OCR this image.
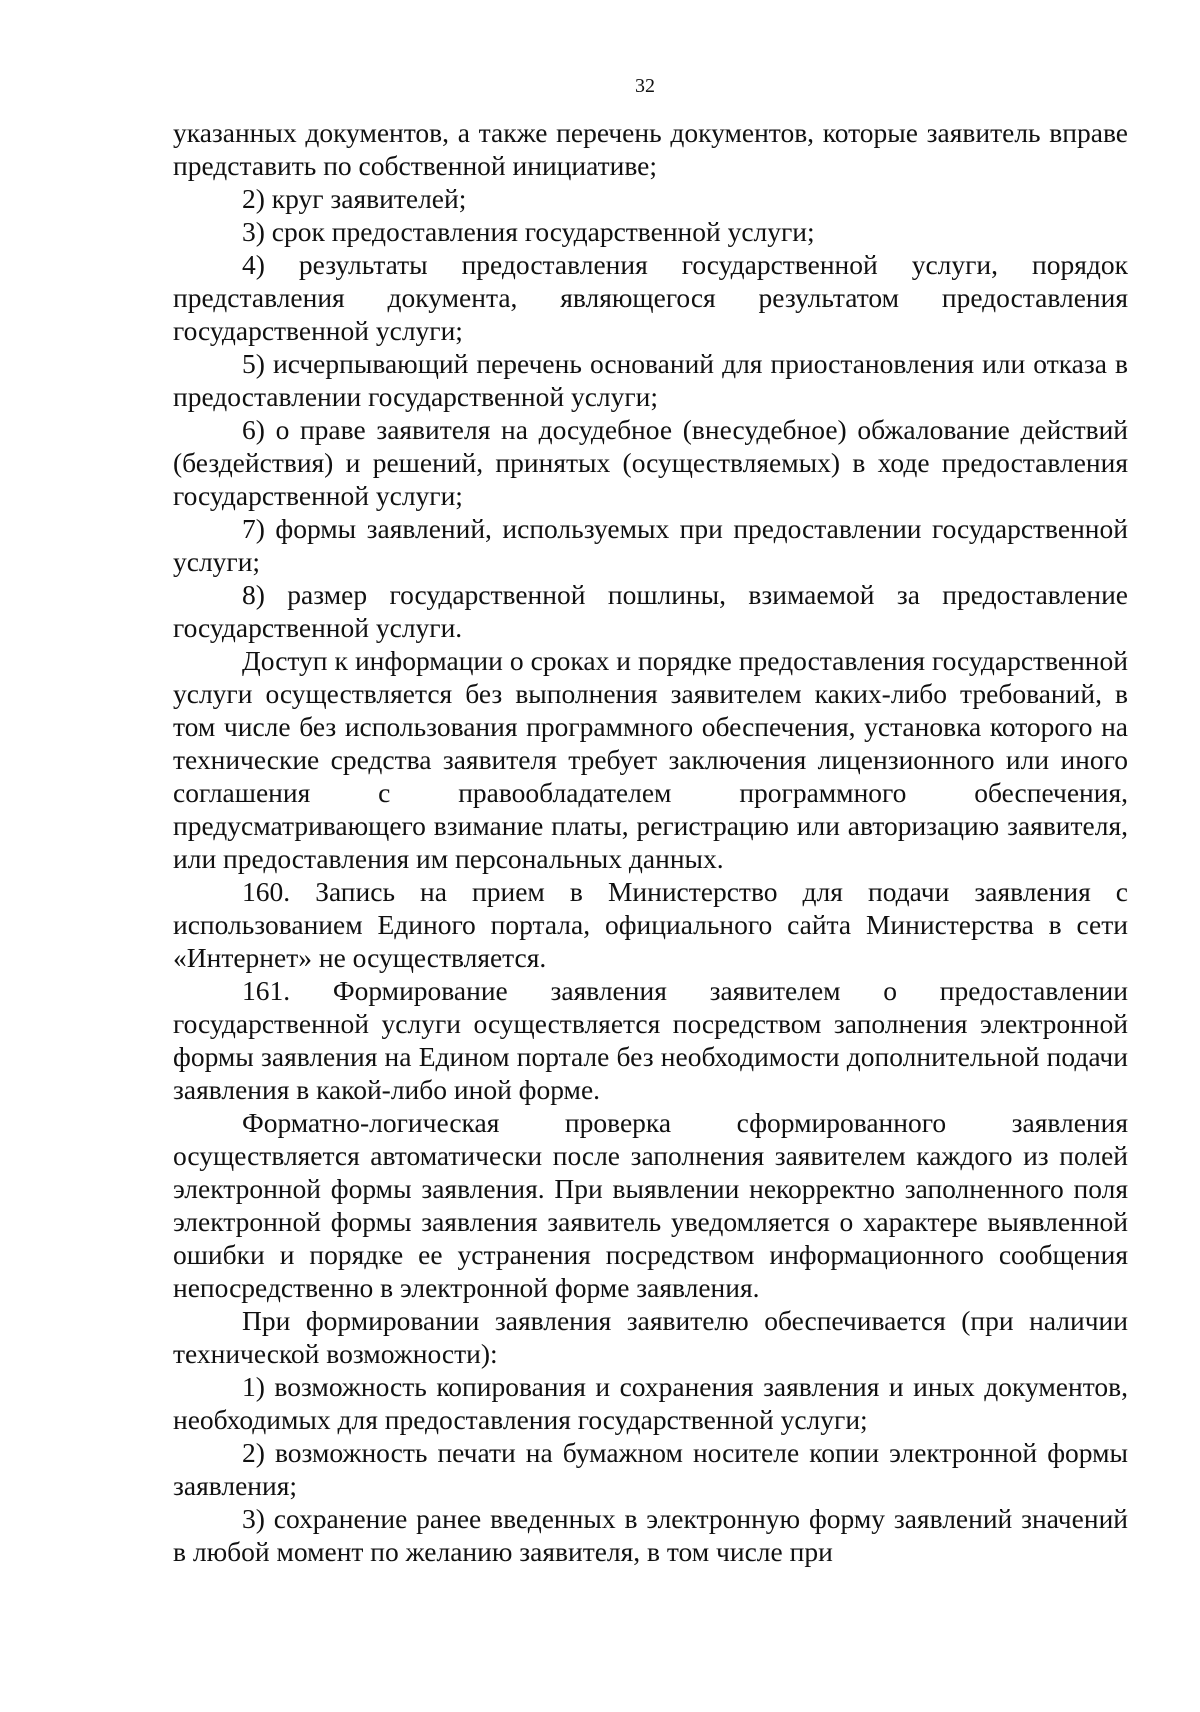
32

указанных документов, а также перечень документов, которые заявитель вправе представить по собственной инициативе;

2) круг заявителей;

3) срок предоставления государственной услуги;

4) результаты предоставления государственной услуги, порядок представления документа, являющегося результатом предоставления государственной услуги;

5) исчерпывающий перечень оснований для приостановления или отказа в предоставлении государственной услуги;

6) о праве заявителя на досудебное (внесудебное) обжалование действий (бездействия) и решений, принятых (осуществляемых) в ходе предоставления государственной услуги;

7) формы заявлений, используемых при предоставлении государственной услуги;

8) размер государственной пошлины, взимаемой за предоставление государственной услуги.

Доступ к информации о сроках и порядке предоставления государственной услуги осуществляется без выполнения заявителем каких-либо требований, в том числе без использования программного обеспечения, установка которого на технические средства заявителя требует заключения лицензионного или иного соглашения с правообладателем программного обеспечения, предусматривающего взимание платы, регистрацию или авторизацию заявителя, или предоставления им персональных данных.

160. Запись на прием в Министерство для подачи заявления с использованием Единого портала, официального сайта Министерства в сети «Интернет» не осуществляется.

161. Формирование заявления заявителем о предоставлении государственной услуги осуществляется посредством заполнения электронной формы заявления на Едином портале без необходимости дополнительной подачи заявления в какой-либо иной форме.

Форматно-логическая проверка сформированного заявления осуществляется автоматически после заполнения заявителем каждого из полей электронной формы заявления. При выявлении некорректно заполненного поля электронной формы заявления заявитель уведомляется о характере выявленной ошибки и порядке ее устранения посредством информационного сообщения непосредственно в электронной форме заявления.

При формировании заявления заявителю обеспечивается (при наличии технической возможности):

1) возможность копирования и сохранения заявления и иных документов, необходимых для предоставления государственной услуги;

2) возможность печати на бумажном носителе копии электронной формы заявления;

3) сохранение ранее введенных в электронную форму заявлений значений в любой момент по желанию заявителя, в том числе при
